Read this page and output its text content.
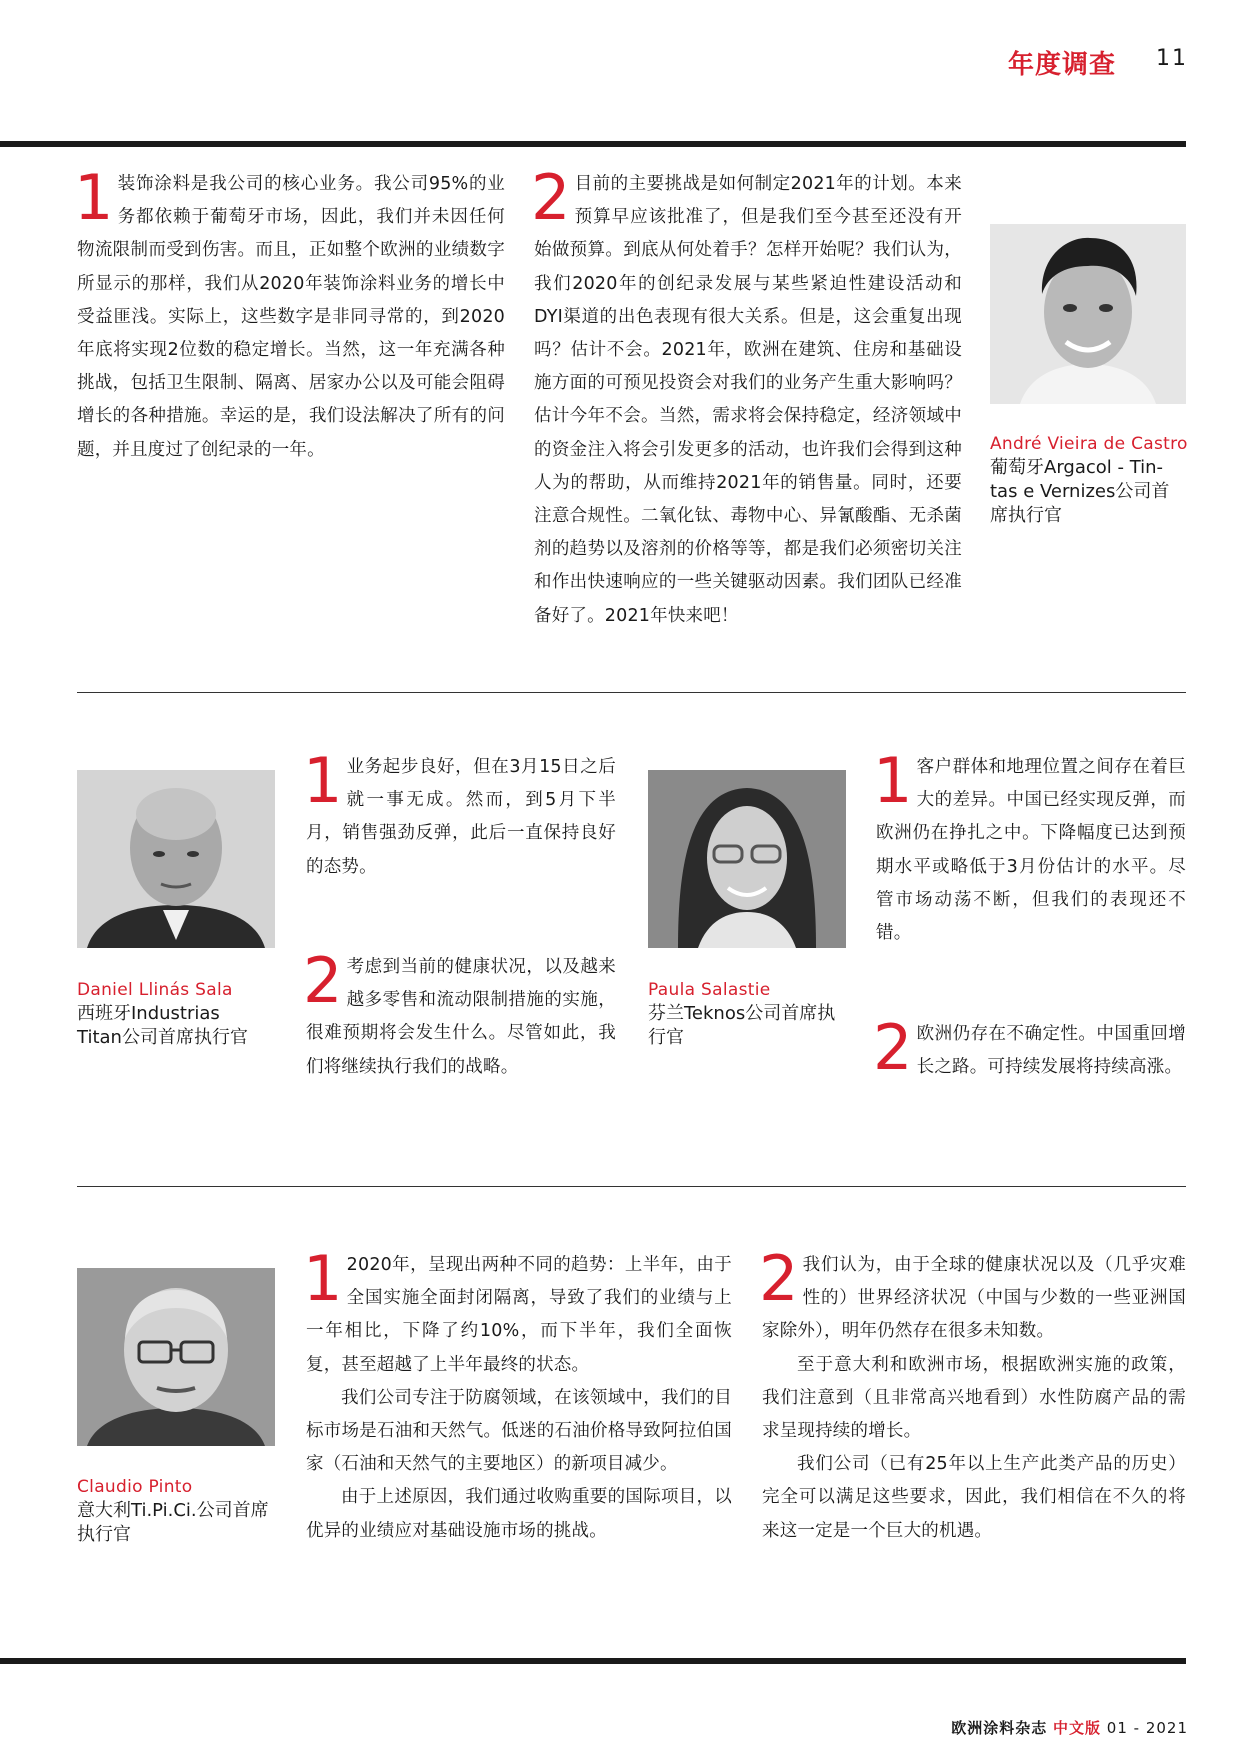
年度调查 11

1 装饰涂料是我公司的核心业务。我公司95%的业务都依赖于葡萄牙市场，因此，我们并未因任何物流限制而受到伤害。而且，正如整个欧洲的业绩数字所显示的那样，我们从2020年装饰涂料业务的增长中受益匪浅。实际上，这些数字是非同寻常的，到2020年底将实现2位数的稳定增长。当然，这一年充满各种挑战，包括卫生限制、隔离、居家办公以及可能会阻碍增长的各种措施。幸运的是，我们设法解决了所有的问题，并且度过了创纪录的一年。

2 目前的主要挑战是如何制定2021年的计划。本来预算早应该批准了，但是我们至今甚至还没有开始做预算。到底从何处着手？怎样开始呢？我们认为，我们2020年的创纪录发展与某些紧迫性建设活动和DYI渠道的出色表现有很大关系。但是，这会重复出现吗？估计不会。2021年，欧洲在建筑、住房和基础设施方面的可预见投资会对我们的业务产生重大影响吗？估计今年不会。当然，需求将会保持稳定，经济领域中的资金注入将会引发更多的活动，也许我们会得到这种人为的帮助，从而维持2021年的销售量。同时，还要注意合规性。二氧化钛、毒物中心、异氰酸酯、无杀菌剂的趋势以及溶剂的价格等等，都是我们必须密切关注和作出快速响应的一些关键驱动因素。我们团队已经准备好了。2021年快来吧！

André Vieira de Castro
葡萄牙Argacol - Tin-tas e Vernizes公司首席执行官
Daniel Llinás Sala
西班牙Industrias Titan公司首席执行官

1 业务起步良好，但在3月15日之后就一事无成。然而，到5月下半月，销售强劲反弹，此后一直保持良好的态势。

2 考虑到当前的健康状况，以及越来越多零售和流动限制措施的实施，很难预期将会发生什么。尽管如此，我们将继续执行我们的战略。

Paula Salastie
芬兰Teknos公司首席执行官

1 客户群体和地理位置之间存在着巨大的差异。中国已经实现反弹，而欧洲仍在挣扎之中。下降幅度已达到预期水平或略低于3月份估计的水平。尽管市场动荡不断，但我们的表现还不错。

2 欧洲仍存在不确定性。中国重回增长之路。可持续发展将持续高涨。

Claudio Pinto
意大利Ti.Pi.Ci.公司首席执行官

1 2020年，呈现出两种不同的趋势：上半年，由于全国实施全面封闭隔离，导致了我们的业绩与上一年相比，下降了约10%，而下半年，我们全面恢复，甚至超越了上半年最终的状态。

我们公司专注于防腐领域，在该领域中，我们的目标市场是石油和天然气。低迷的石油价格导致阿拉伯国家（石油和天然气的主要地区）的新项目减少。

由于上述原因，我们通过收购重要的国际项目，以优异的业绩应对基础设施市场的挑战。

2 我们认为，由于全球的健康状况以及（几乎灾难性的）世界经济状况（中国与少数的一些亚洲国家除外），明年仍然存在很多未知数。

至于意大利和欧洲市场，根据欧洲实施的政策，我们注意到（且非常高兴地看到）水性防腐产品的需求呈现持续的增长。

我们公司（已有25年以上生产此类产品的历史）完全可以满足这些要求，因此，我们相信在不久的将来这一定是一个巨大的机遇。

欧洲涂料杂志 中文版 01 - 2021
